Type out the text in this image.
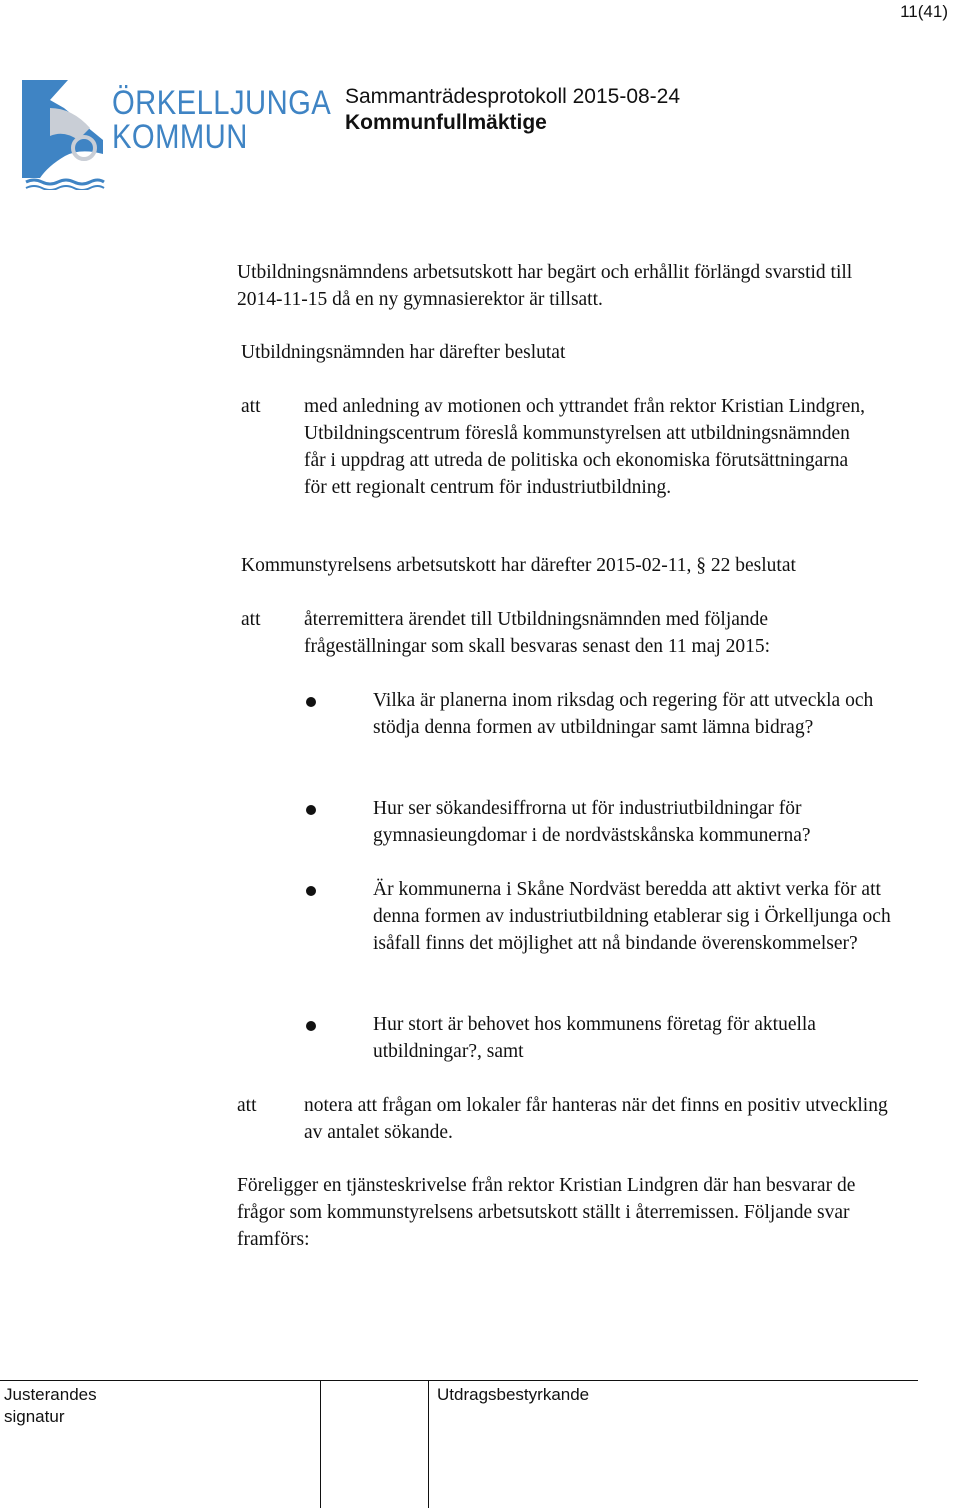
11(41)
ÖRKELLJUNGA
KOMMUN
Sammanträdesprotokoll 2015-08-24
Kommunfullmäktige

Utbildningsnämndens arbetsutskott har begärt och erhållit förlängd svarstid till 2014-11-15 då en ny gymnasierektor är tillsatt.

Utbildningsnämnden har därefter beslutat

att	med anledning av motionen och yttrandet från rektor Kristian Lindgren, Utbildningscentrum föreslå kommunstyrelsen att utbildningsnämnden får i uppdrag att utreda de politiska och ekonomiska förutsättningarna för ett regionalt centrum för industriutbildning.

Kommunstyrelsens arbetsutskott har därefter 2015-02-11, § 22 beslutat

att	återremittera ärendet till Utbildningsnämnden med följande frågeställningar som skall besvaras senast den 11 maj 2015:

Vilka är planerna inom riksdag och regering för att utveckla och stödja denna formen av utbildningar samt lämna bidrag?

Hur ser sökandesiffrorna ut för industriutbildningar för gymnasieungdomar i de nordvästskånska kommunerna?

Är kommunerna i Skåne Nordväst beredda att aktivt verka för att denna formen av industriutbildning etablerar sig i Örkelljunga och isåfall finns det möjlighet att nå bindande överenskommelser?

Hur stort är behovet hos kommunens företag för aktuella utbildningar?, samt

att	notera att frågan om lokaler får hanteras när det finns en positiv utveckling av antalet sökande.

Föreligger en tjänsteskrivelse från rektor Kristian Lindgren där han besvarar de frågor som kommunstyrelsens arbetsutskott ställt i återremissen. Följande svar framförs:

Justerandes signatur
Utdragsbestyrkande
